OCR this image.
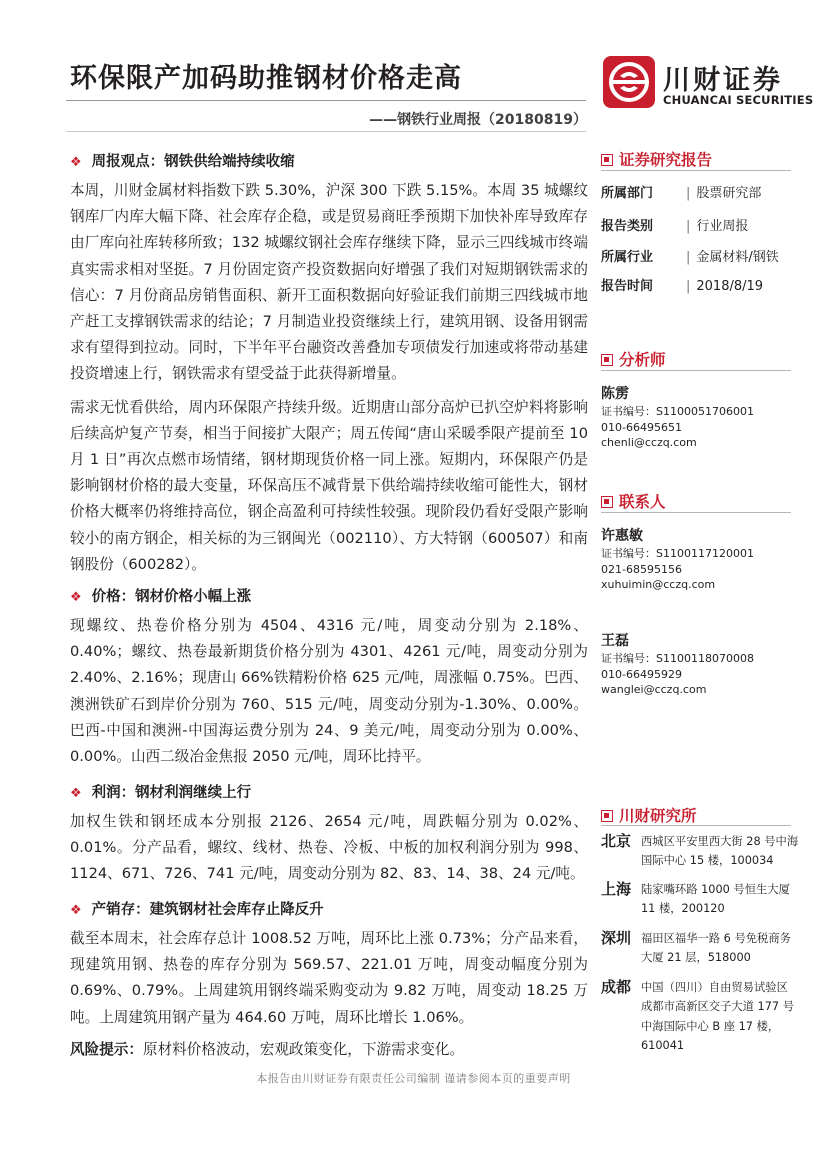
环保限产加码助推钢材价格走高
——钢铁行业周报（20180819）
川财证券
CHUANCAI SECURITIES
❖ 周报观点：钢铁供给端持续收缩

本周，川财金属材料指数下跌 5.30%，沪深 300 下跌 5.15%。本周 35 城螺纹钢库厂内库大幅下降、社会库存企稳，或是贸易商旺季预期下加快补库导致库存由厂库向社库转移所致；132 城螺纹钢社会库存继续下降，显示三四线城市终端真实需求相对坚挺。7 月份固定资产投资数据向好增强了我们对短期钢铁需求的信心：7 月份商品房销售面积、新开工面积数据向好验证我们前期三四线城市地产赶工支撑钢铁需求的结论；7 月制造业投资继续上行，建筑用钢、设备用钢需求有望得到拉动。同时，下半年平台融资改善叠加专项债发行加速或将带动基建投资增速上行，钢铁需求有望受益于此获得新增量。

需求无忧看供给，周内环保限产持续升级。近期唐山部分高炉已扒空炉料将影响后续高炉复产节奏，相当于间接扩大限产；周五传闻“唐山采暖季限产提前至 10 月 1 日”再次点燃市场情绪，钢材期现货价格一同上涨。短期内，环保限产仍是影响钢材价格的最大变量，环保高压不减背景下供给端持续收缩可能性大，钢材价格大概率仍将维持高位，钢企高盈利可持续性较强。现阶段仍看好受限产影响较小的南方钢企，相关标的为三钢闽光（002110）、方大特钢（600507）和南钢股份（600282）。

❖ 价格：钢材价格小幅上涨

现螺纹、热卷价格分别为 4504、4316 元/吨，周变动分别为 2.18%、0.40%；螺纹、热卷最新期货价格分别为 4301、4261 元/吨，周变动分别为 2.40%、2.16%；现唐山 66%铁精粉价格 625 元/吨，周涨幅 0.75%。巴西、澳洲铁矿石到岸价分别为 760、515 元/吨，周变动分别为-1.30%、0.00%。巴西-中国和澳洲-中国海运费分别为 24、9 美元/吨，周变动分别为 0.00%、0.00%。山西二级冶金焦报 2050 元/吨，周环比持平。

❖ 利润：钢材利润继续上行

加权生铁和钢坯成本分别报 2126、2654 元/吨，周跌幅分别为 0.02%、0.01%。分产品看，螺纹、线材、热卷、冷板、中板的加权利润分别为 998、1124、671、726、741 元/吨，周变动分别为 82、83、14、38、24 元/吨。

❖ 产销存：建筑钢材社会库存止降反升

截至本周末，社会库存总计 1008.52 万吨，周环比上涨 0.73%；分产品来看，现建筑用钢、热卷的库存分别为 569.57、221.01 万吨，周变动幅度分别为 0.69%、0.79%。上周建筑用钢终端采购变动为 9.82 万吨，周变动 18.25 万吨。上周建筑用钢产量为 464.60 万吨，周环比增长 1.06%。

风险提示：原材料价格波动，宏观政策变化，下游需求变化。

证券研究报告
所属部门	| 股票研究部
报告类别	| 行业周报
所属行业	| 金属材料/钢铁
报告时间	| 2018/8/19
分析师
陈雳
证书编号：S1100051706001
010-66495651
chenli@cczq.com
联系人
许惠敏
证书编号：S1100117120001
021-68595156
xuhuimin@cczq.com
王磊
证书编号：S1100118070008
010-66495929
wanglei@cczq.com
川财研究所
北京 西城区平安里西大街 28 号中海国际中心 15 楼，100034
上海 陆家嘴环路 1000 号恒生大厦 11 楼，200120
深圳 福田区福华一路 6 号免税商务大厦 21 层，518000
成都 中国（四川）自由贸易试验区成都市高新区交子大道 177 号中海国际中心 B 座 17 楼，610041
本报告由川财证券有限责任公司编制 谨请参阅本页的重要声明
